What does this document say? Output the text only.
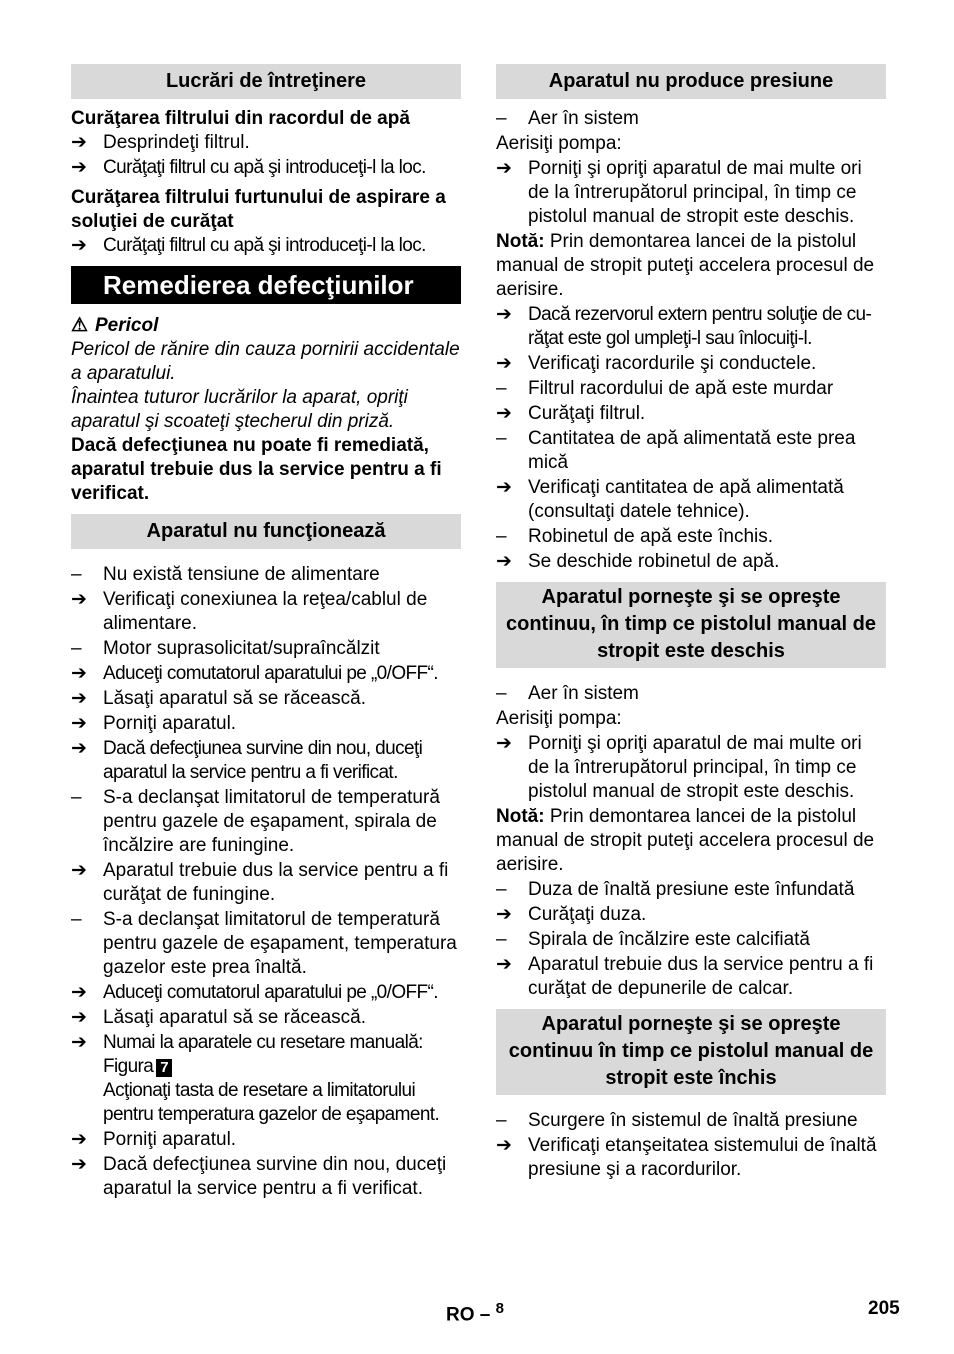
Lucrări de întreţinere
Curăţarea filtrului din racordul de apă
➔ Desprindeţi filtrul.
➔ Curăţaţi filtrul cu apă şi introduceţi-l la loc.
Curăţarea filtrului furtunului de aspirare a soluţiei de curăţat
➔ Curăţaţi filtrul cu apă şi introduceţi-l la loc.
Remedierea defecţiunilor
⚠ Pericol
Pericol de rănire din cauza pornirii accidentale a aparatului.
Înaintea tuturor lucrărilor la aparat, opriţi aparatul şi scoateţi ştecherul din priză.
Dacă defecţiunea nu poate fi remediată, aparatul trebuie dus la service pentru a fi verificat.
Aparatul nu funcţionează
–	Nu există tensiune de alimentare
➔ Verificaţi conexiunea la reţea/cablul de alimentare.
–	Motor suprasolicitat/supraîncălzit
➔ Aduceţi comutatorul aparatului pe „0/OFF“.
➔ Lăsaţi aparatul să se răcească.
➔ Porniţi aparatul.
➔ Dacă defecţiunea survine din nou, duceţi aparatul la service pentru a fi verificat.
–	S-a declanşat limitatorul de temperatură pentru gazele de eşapament, spirala de încălzire are funingine.
➔ Aparatul trebuie dus la service pentru a fi curăţat de funingine.
–	S-a declanşat limitatorul de temperatură pentru gazele de eşapament, temperatura gazelor este prea înaltă.
➔ Aduceţi comutatorul aparatului pe „0/OFF“.
➔ Lăsaţi aparatul să se răcească.
➔ Numai la aparatele cu resetare manuală:
Figura 7
Acţionaţi tasta de resetare a limitatorului pentru temperatura gazelor de eşapament.
➔ Porniţi aparatul.
➔ Dacă defecţiunea survine din nou, duceţi aparatul la service pentru a fi verificat.
Aparatul nu produce presiune
–	Aer în sistem
Aerisiţi pompa:
➔ Porniţi şi opriţi aparatul de mai multe ori de la întrerupătorul principal, în timp ce pistolul manual de stropit este deschis.
Notă: Prin demontarea lancei de la pistolul manual de stropit puteţi accelera procesul de aerisire.
➔ Dacă rezervorul extern pentru soluţie de curăţat este gol umpleţi-l sau înlocuiţi-l.
➔ Verificaţi racordurile şi conductele.
–	Filtrul racordului de apă este murdar
➔ Curăţaţi filtrul.
–	Cantitatea de apă alimentată este prea mică
➔ Verificaţi cantitatea de apă alimentată (consultaţi datele tehnice).
–	Robinetul de apă este închis.
➔ Se deschide robinetul de apă.
Aparatul porneşte şi se opreşte continuu, în timp ce pistolul manual de stropit este deschis
–	Aer în sistem
Aerisiţi pompa:
➔ Porniţi şi opriţi aparatul de mai multe ori de la întrerupătorul principal, în timp ce pistolul manual de stropit este deschis.
Notă: Prin demontarea lancei de la pistolul manual de stropit puteţi accelera procesul de aerisire.
–	Duza de înaltă presiune este înfundată
➔ Curăţaţi duza.
–	Spirala de încălzire este calcifiată
➔ Aparatul trebuie dus la service pentru a fi curăţat de depunerile de calcar.
Aparatul porneşte şi se opreşte continuu în timp ce pistolul manual de stropit este închis
–	Scurgere în sistemul de înaltă presiune
➔ Verificaţi etanşeitatea sistemului de înaltă presiune şi a racordurilor.
RO – $^8$	205
